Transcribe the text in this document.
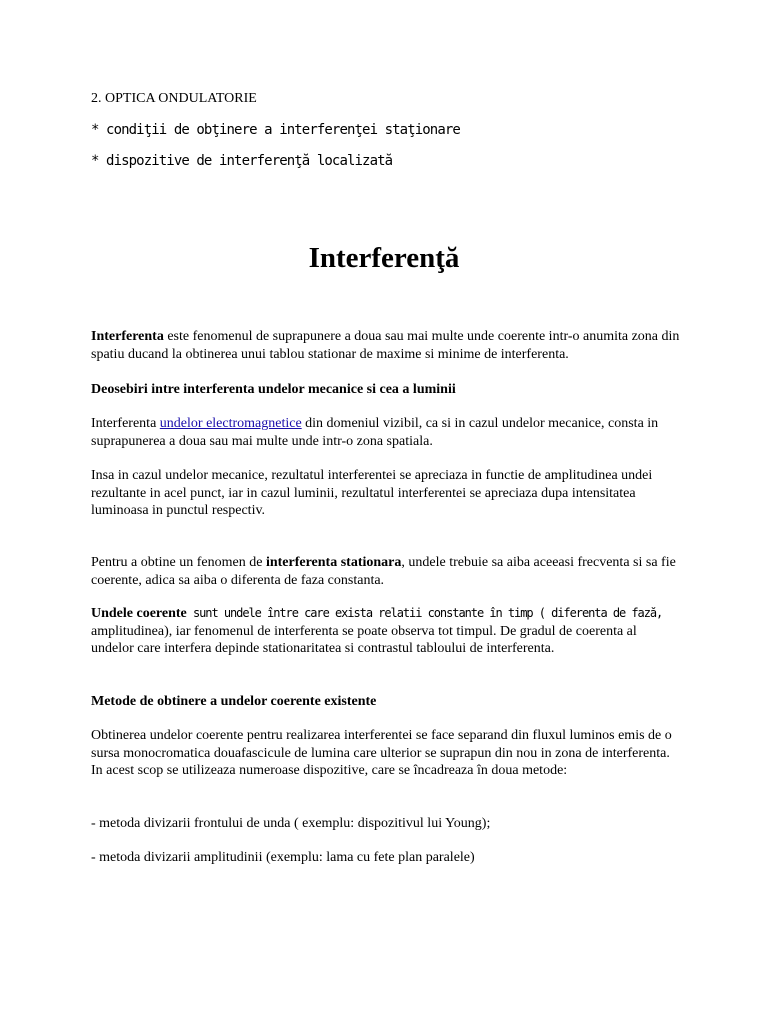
2. OPTICA ONDULATORIE

* condiţii de obţinere a interferenţei staţionare

* dispozitive de interferenţă localizată

Interferenţă

Interferenta este fenomenul de suprapunere a doua sau mai multe unde coerente intr-o anumita zona din spatiu ducand la obtinerea unui tablou stationar de maxime si minime de interferenta.

Deosebiri intre interferenta undelor mecanice si cea a luminii

Interferenta undelor electromagnetice din domeniul vizibil, ca si in cazul undelor mecanice, consta in suprapunerea a doua sau mai multe unde intr-o zona spatiala.

Insa in cazul undelor mecanice, rezultatul interferentei se apreciaza in functie de amplitudinea undei rezultante in acel punct, iar in cazul luminii, rezultatul interferentei se apreciaza dupa intensitatea luminoasa in punctul respectiv.

Pentru a obtine un fenomen de interferenta stationara, undele trebuie sa aiba aceeasi frecventa si sa fie coerente, adica sa aiba o diferenta de faza constanta.

Undele coerente sunt undele între care exista relatii constante în timp ( diferenta de fază, amplitudinea), iar fenomenul de interferenta se poate observa tot timpul. De gradul de coerenta al undelor care interfera depinde stationaritatea si contrastul tabloului de interferenta.

Metode de obtinere a undelor coerente existente

Obtinerea undelor coerente pentru realizarea interferentei se face separand din fluxul luminos emis de o sursa monocromatica douafascicule de lumina care ulterior se suprapun din nou in zona de interferenta. In acest scop se utilizeaza numeroase dispozitive, care se încadreaza în doua metode:

- metoda divizarii frontului de unda ( exemplu: dispozitivul lui Young);

- metoda divizarii amplitudinii (exemplu: lama cu fete plan paralele)
